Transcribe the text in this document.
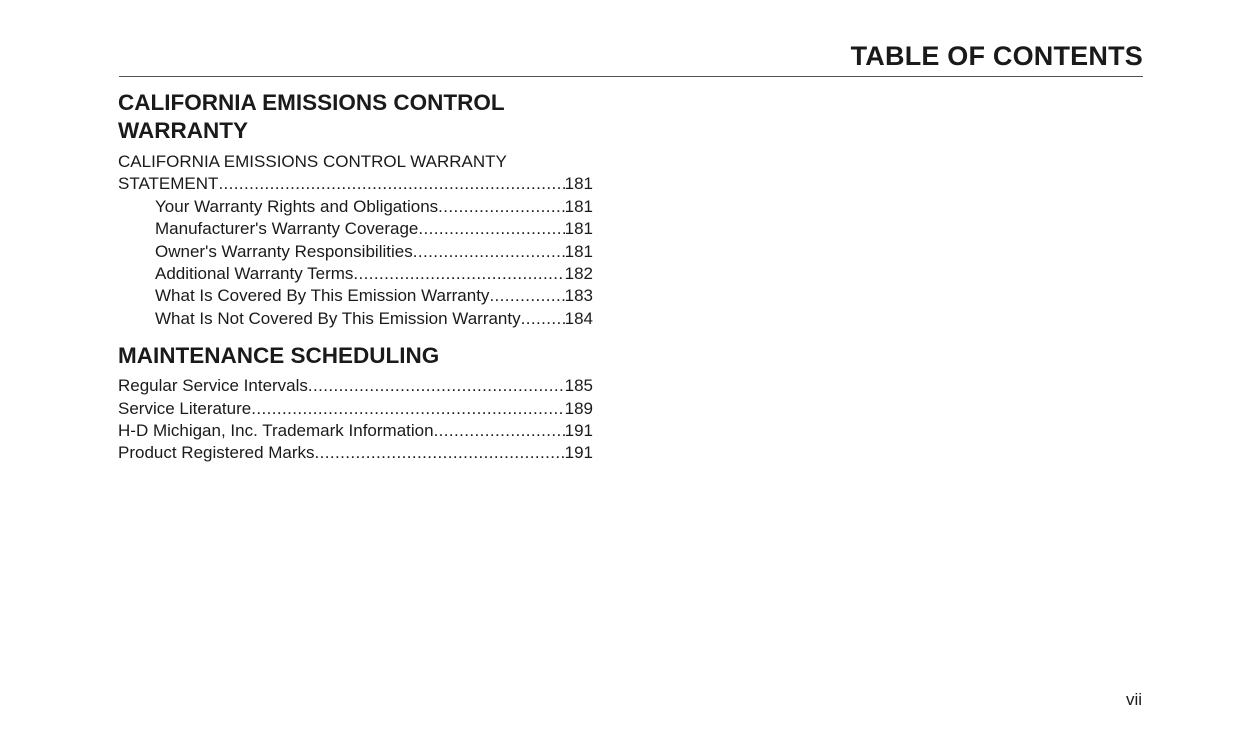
TABLE OF CONTENTS
CALIFORNIA EMISSIONS CONTROL WARRANTY
CALIFORNIA EMISSIONS CONTROL WARRANTY
STATEMENT .....	181
Your Warranty Rights and Obligations .....	181
Manufacturer's Warranty Coverage .....	181
Owner's Warranty Responsibilities .....	181
Additional Warranty Terms .....	182
What Is Covered By This Emission Warranty .....	183
What Is Not Covered By This Emission Warranty .....	184
MAINTENANCE SCHEDULING
Regular Service Intervals .....	185
Service Literature .....	189
H-D Michigan, Inc. Trademark Information .....	191
Product Registered Marks .....	191
vii
